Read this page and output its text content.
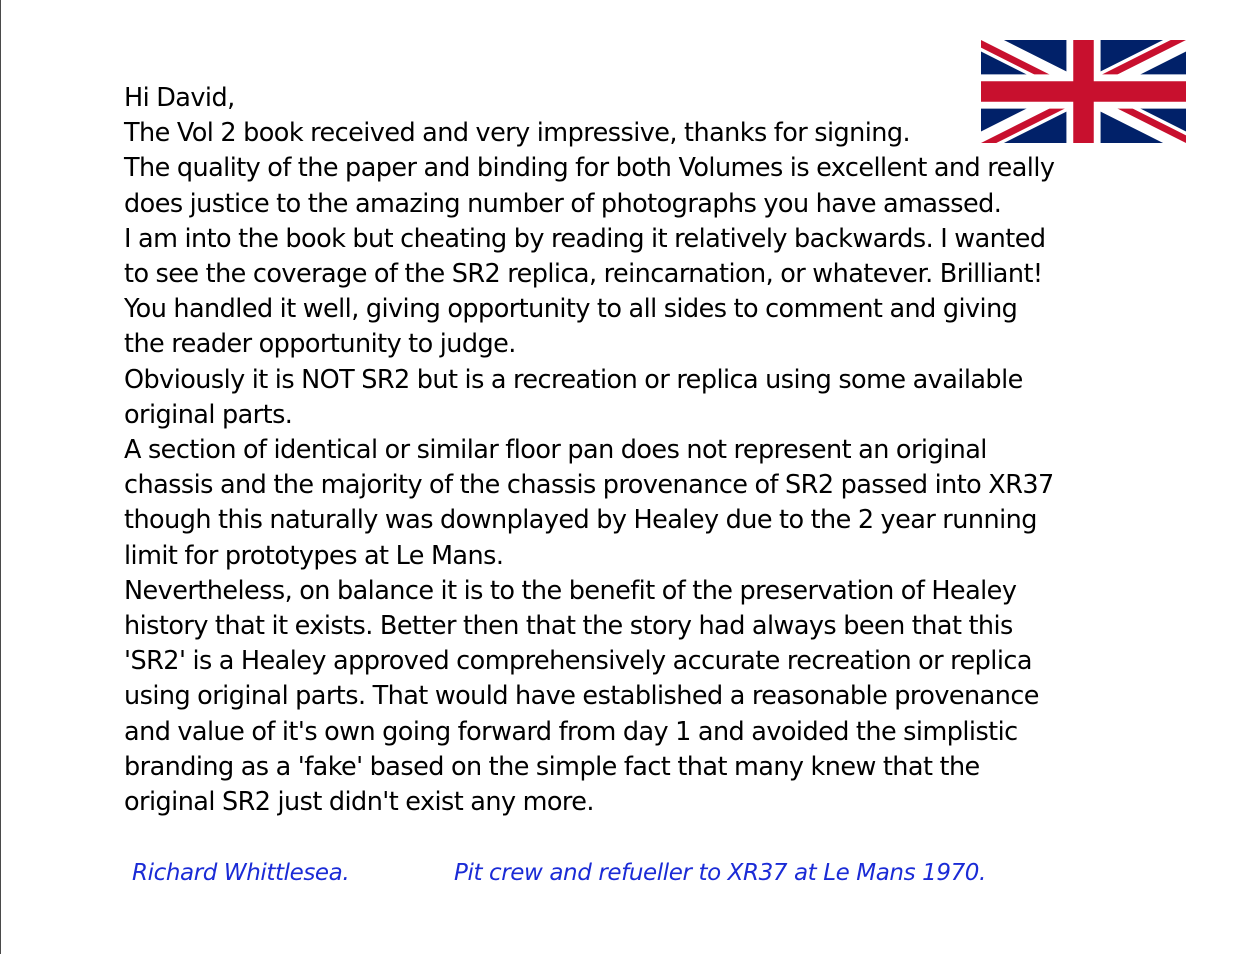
Hi David,
The Vol 2 book received and very impressive, thanks for signing.
The quality of the paper and binding for both Volumes is excellent and really
does justice to the amazing number of photographs you have amassed.
I am into the book but cheating by reading it relatively backwards. I wanted
to see the coverage of the SR2 replica, reincarnation, or whatever. Brilliant!
You handled it well, giving opportunity to all sides to comment and giving
the reader opportunity to judge.
Obviously it is NOT SR2 but is a recreation or replica using some available
original parts.
A section of identical or similar floor pan does not represent an original
chassis and the majority of the chassis provenance of SR2 passed into XR37
though this naturally was downplayed by Healey due to the 2 year running
limit for prototypes at Le Mans.
Nevertheless, on balance it is to the benefit of the preservation of Healey
history that it exists. Better then that the story had always been that this
'SR2' is a Healey approved comprehensively accurate recreation or replica
using original parts. That would have established a reasonable provenance
and value of it's own going forward from day 1 and avoided the simplistic
branding as a 'fake' based on the simple fact that many knew that the
original SR2 just didn't exist any more.
Richard Whittlesea.	Pit crew and refueller to XR37 at Le Mans 1970.
